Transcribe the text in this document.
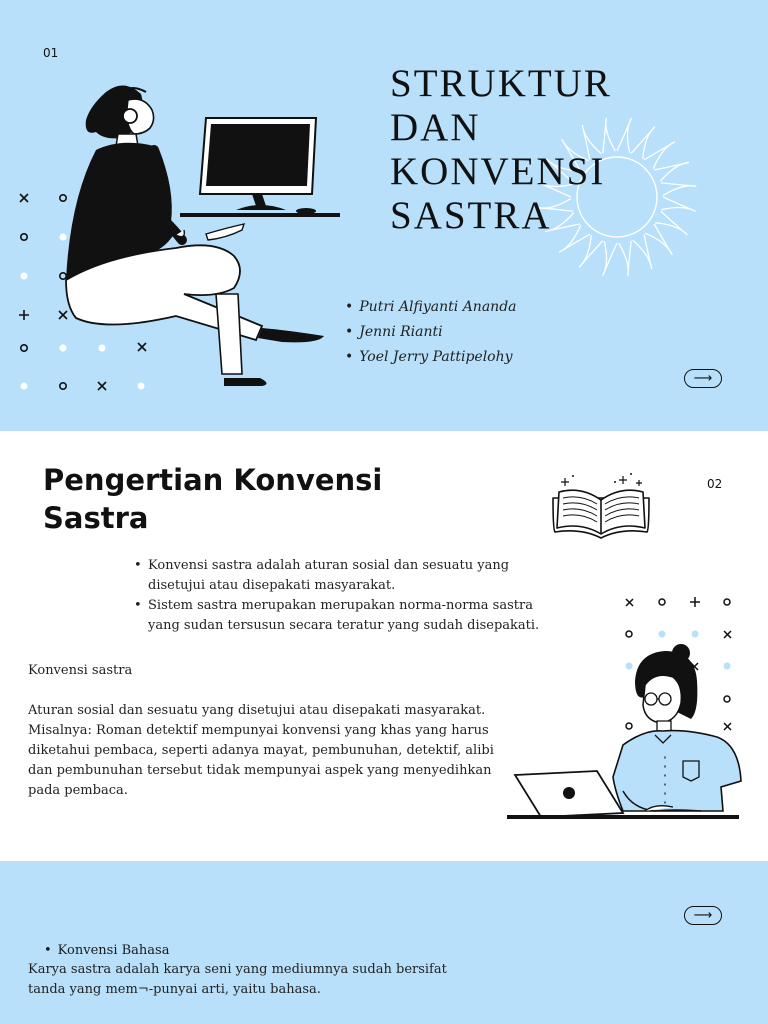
01
STRUKTUR
DAN
KONVENSI
SASTRA
• Putri Alfiyanti Ananda
• Jenni Rianti
• Yoel Jerry Pattipelohy
⟶
Pengertian Konvensi
Sastra
02
• Konvensi sastra adalah aturan sosial dan sesuatu yang disetujui atau disepakati masyarakat.
• Sistem sastra merupakan merupakan norma-norma sastra yang sudan tersusun secara teratur yang sudah disepakati.

Konvensi sastra

Aturan sosial dan sesuatu yang disetujui atau disepakati masyarakat. Misalnya: Roman detektif mempunyai konvensi yang khas yang harus diketahui pembaca, seperti adanya mayat, pembunuhan, detektif, alibi dan pembunuhan tersebut tidak mempunyai aspek yang menyedihkan pada pembaca.

⟶

• Konvensi Bahasa

Karya sastra adalah karya seni yang mediumnya sudah bersifat tanda yang mem¬-punyai arti, yaitu bahasa.
